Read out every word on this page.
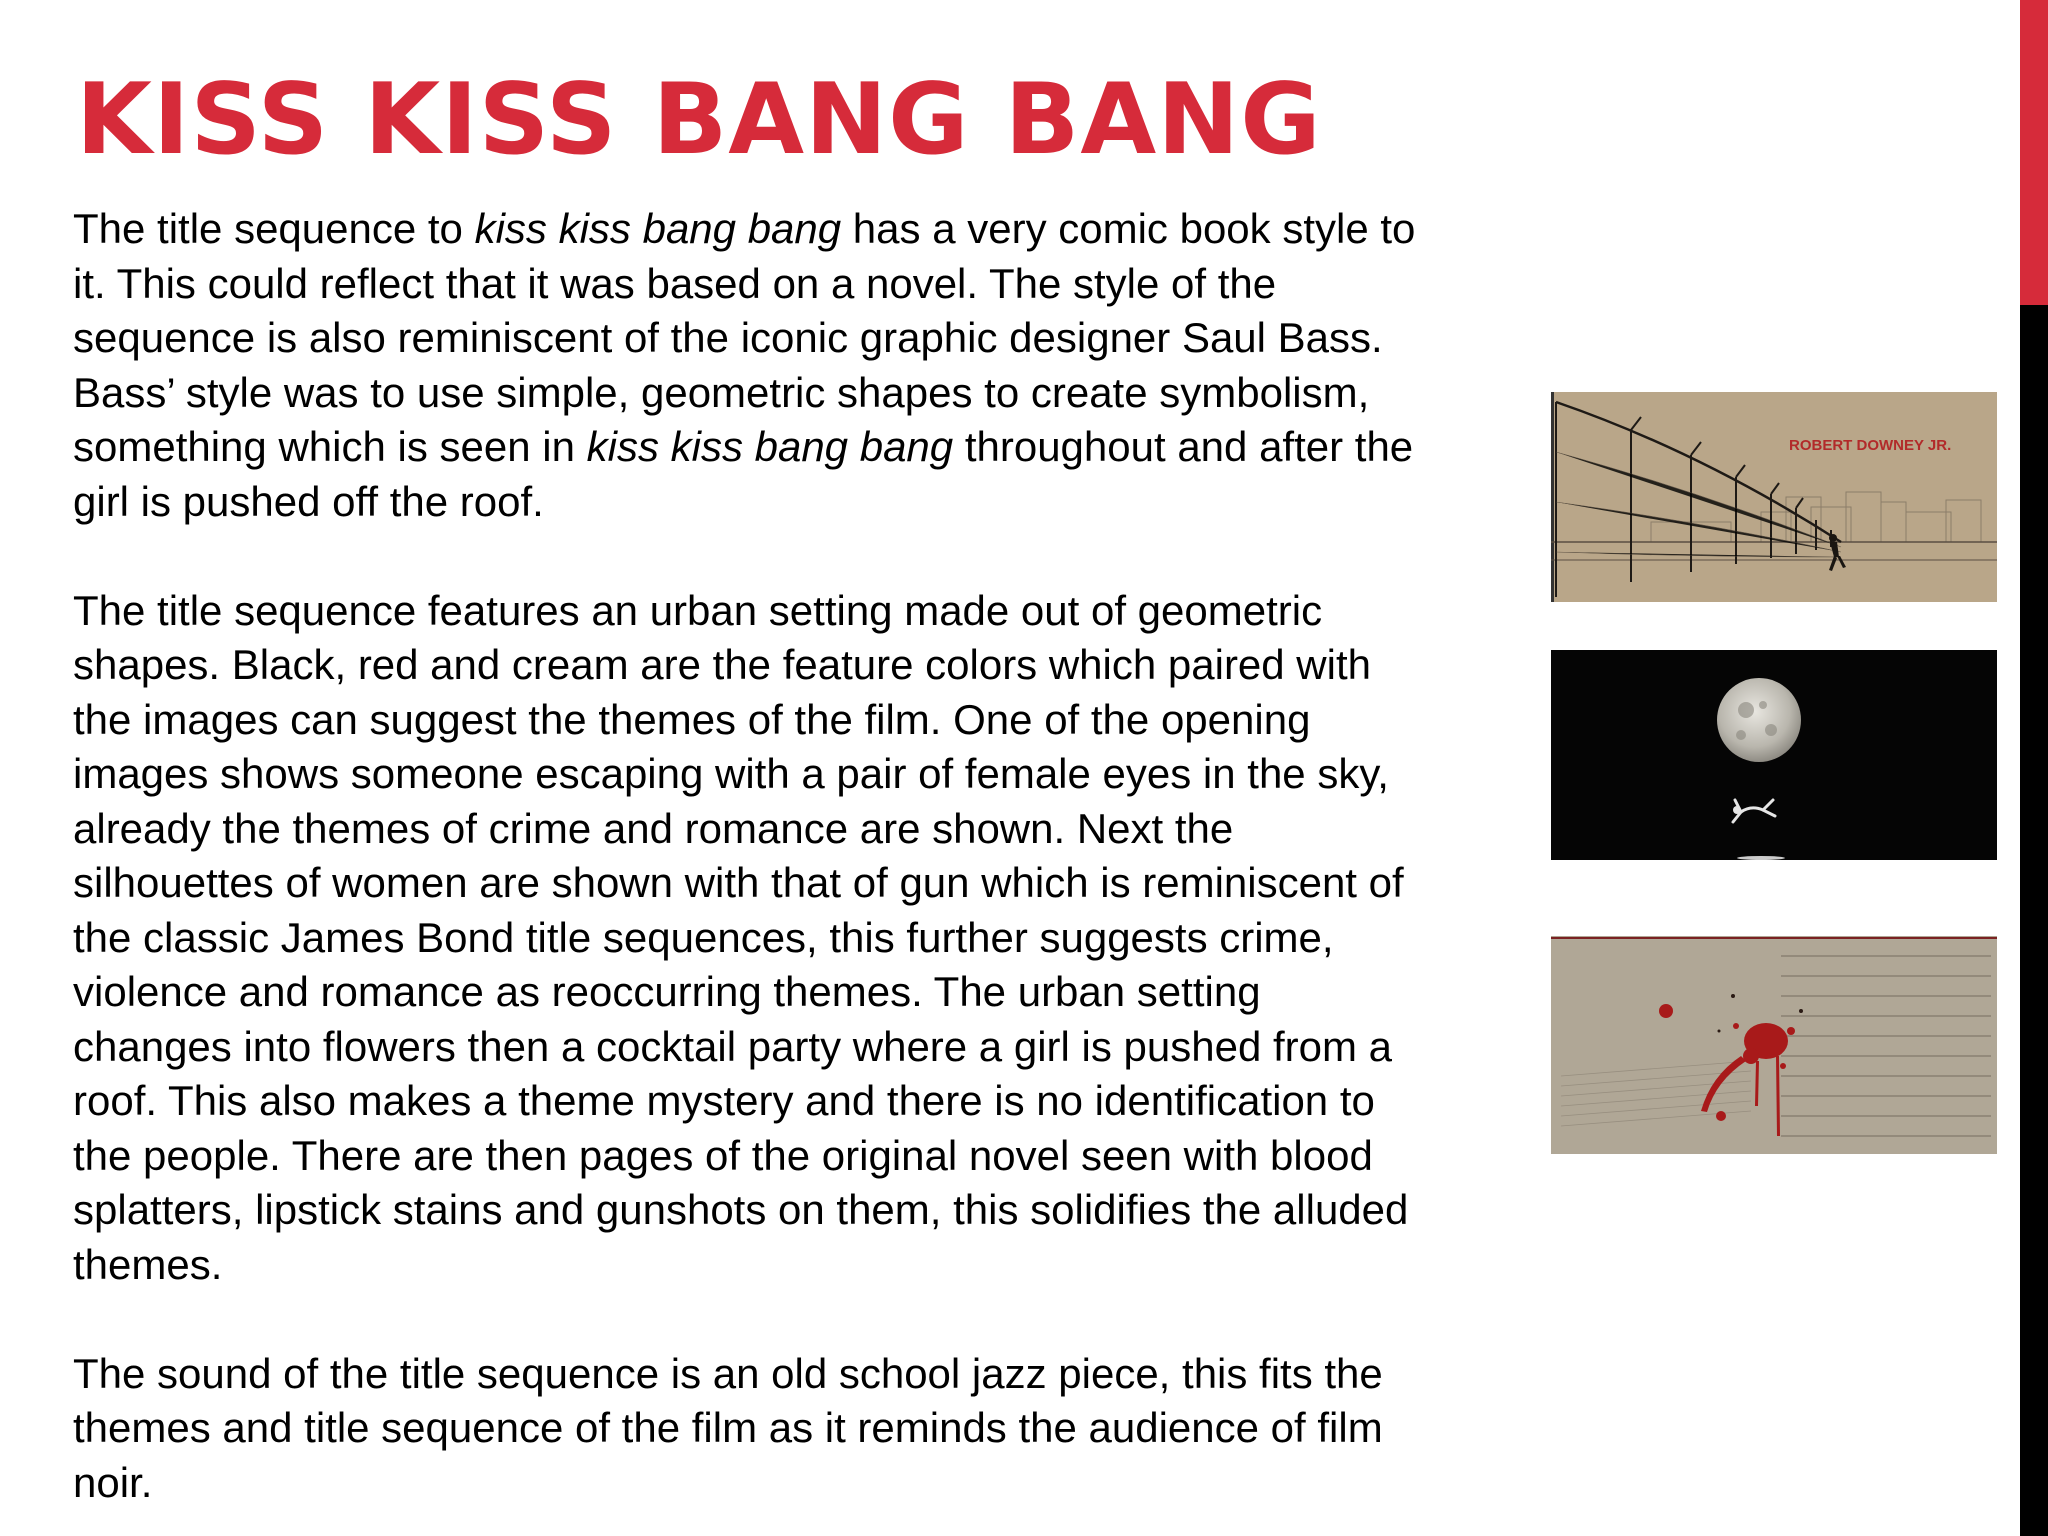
KISS KISS BANG BANG

The title sequence to kiss kiss bang bang has a very comic book style to
it. This could reflect that it was based on a novel. The style of the
sequence is also reminiscent of the iconic graphic designer Saul Bass.
Bass’ style was to use simple, geometric shapes to create symbolism,
something which is seen in kiss kiss bang bang throughout and after the
girl is pushed off the roof.

The title sequence features an urban setting made out of geometric
shapes. Black, red and cream are the feature colors which paired with
the images can suggest the themes of the film. One of the opening
images shows someone escaping with a pair of female eyes in the sky,
already the themes of crime and romance are shown. Next the
silhouettes of women are shown with that of gun which is reminiscent of
the classic James Bond title sequences, this further suggests crime,
violence and romance as reoccurring themes. The urban setting
changes into flowers then a cocktail party where a girl is pushed from a
roof. This also makes a theme mystery and there is no identification to
the people. There are then pages of the original novel seen with blood
splatters, lipstick stains and gunshots on them, this solidifies the alluded
themes.

The sound of the title sequence is an old school jazz piece, this fits the
themes and title sequence of the film as it reminds the audience of film
noir.

ROBERT DOWNEY JR.
